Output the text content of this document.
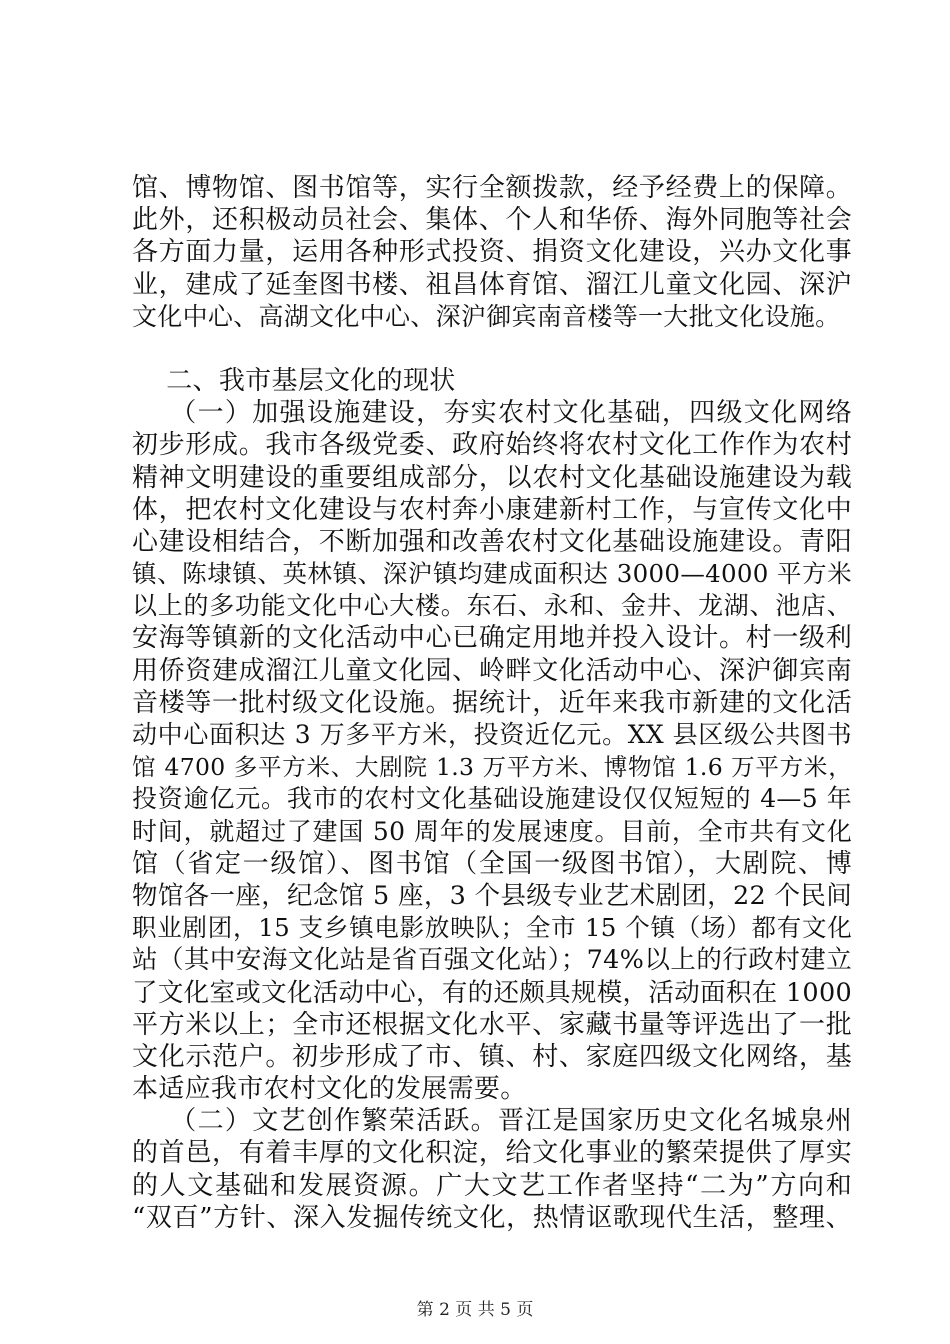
馆、博物馆、图书馆等，实行全额拨款，经予经费上的保障。
此外，还积极动员社会、集体、个人和华侨、海外同胞等社会
各方面力量，运用各种形式投资、捐资文化建设，兴办文化事
业，建成了延奎图书楼、祖昌体育馆、溜江儿童文化园、深沪
文化中心、高湖文化中心、深沪御宾南音楼等一大批文化设施。
二、我市基层文化的现状
（一）加强设施建设，夯实农村文化基础，四级文化网络
初步形成。我市各级党委、政府始终将农村文化工作作为农村
精神文明建设的重要组成部分，以农村文化基础设施建设为载
体，把农村文化建设与农村奔小康建新村工作，与宣传文化中
心建设相结合，不断加强和改善农村文化基础设施建设。青阳
镇、陈埭镇、英林镇、深沪镇均建成面积达 3000—4000 平方米
以上的多功能文化中心大楼。东石、永和、金井、龙湖、池店、
安海等镇新的文化活动中心已确定用地并投入设计。村一级利
用侨资建成溜江儿童文化园、岭畔文化活动中心、深沪御宾南
音楼等一批村级文化设施。据统计，近年来我市新建的文化活
动中心面积达 3 万多平方米，投资近亿元。XX 县区级公共图书
馆 4700 多平方米、大剧院 1.3 万平方米、博物馆 1.6 万平方米，
投资逾亿元。我市的农村文化基础设施建设仅仅短短的 4—5 年
时间，就超过了建国 50 周年的发展速度。目前，全市共有文化
馆（省定一级馆）、图书馆（全国一级图书馆），大剧院、博
物馆各一座，纪念馆 5 座，3 个县级专业艺术剧团，22 个民间
职业剧团，15 支乡镇电影放映队；全市 15 个镇（场）都有文化
站（其中安海文化站是省百强文化站）；74%以上的行政村建立
了文化室或文化活动中心，有的还颇具规模，活动面积在 1000
平方米以上；全市还根据文化水平、家藏书量等评选出了一批
文化示范户。初步形成了市、镇、村、家庭四级文化网络，基
本适应我市农村文化的发展需要。
（二）文艺创作繁荣活跃。晋江是国家历史文化名城泉州
的首邑，有着丰厚的文化积淀，给文化事业的繁荣提供了厚实
的人文基础和发展资源。广大文艺工作者坚持“二为”方向和
“双百”方针、深入发掘传统文化，热情讴歌现代生活，整理、
第 2 页 共 5 页
